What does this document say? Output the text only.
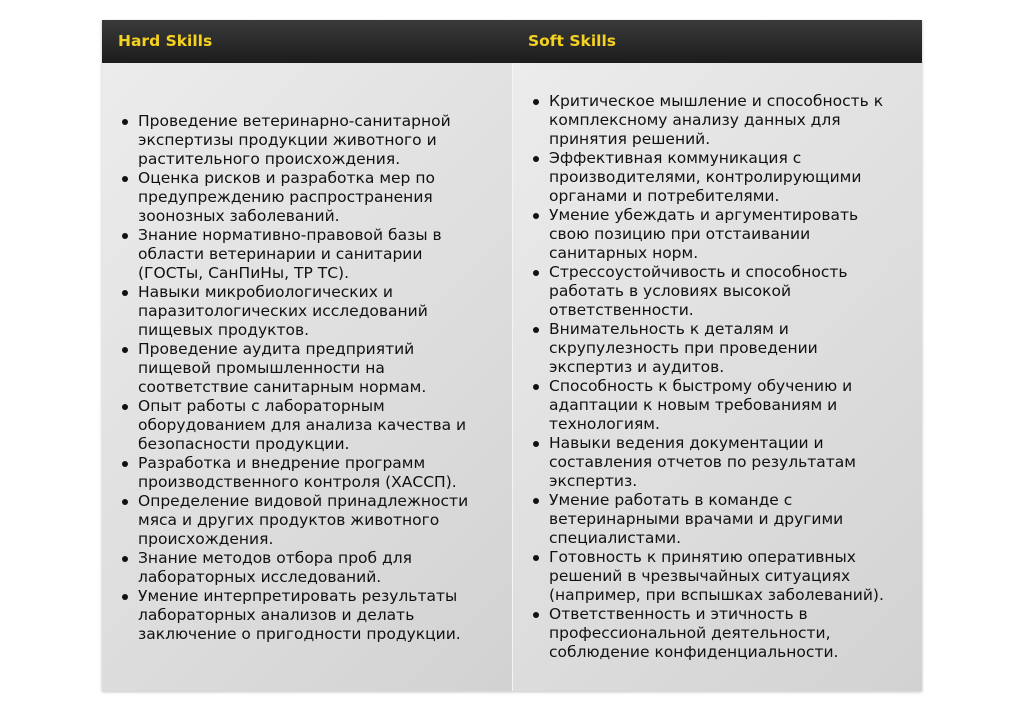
Hard Skills	Soft Skills
Проведение ветеринарно-санитарной экспертизы продукции животного и растительного происхождения.
Оценка рисков и разработка мер по предупреждению распространения зоонозных заболеваний.
Знание нормативно-правовой базы в области ветеринарии и санитарии (ГОСТы, СанПиНы, ТР ТС).
Навыки микробиологических и паразитологических исследований пищевых продуктов.
Проведение аудита предприятий пищевой промышленности на соответствие санитарным нормам.
Опыт работы с лабораторным оборудованием для анализа качества и безопасности продукции.
Разработка и внедрение программ производственного контроля (ХАССП).
Определение видовой принадлежности мяса и других продуктов животного происхождения.
Знание методов отбора проб для лабораторных исследований.
Умение интерпретировать результаты лабораторных анализов и делать заключение о пригодности продукции.
Критическое мышление и способность к комплексному анализу данных для принятия решений.
Эффективная коммуникация с производителями, контролирующими органами и потребителями.
Умение убеждать и аргументировать свою позицию при отстаивании санитарных норм.
Стрессоустойчивость и способность работать в условиях высокой ответственности.
Внимательность к деталям и скрупулезность при проведении экспертиз и аудитов.
Способность к быстрому обучению и адаптации к новым требованиям и технологиям.
Навыки ведения документации и составления отчетов по результатам экспертиз.
Умение работать в команде с ветеринарными врачами и другими специалистами.
Готовность к принятию оперативных решений в чрезвычайных ситуациях (например, при вспышках заболеваний).
Ответственность и этичность в профессиональной деятельности, соблюдение конфиденциальности.
